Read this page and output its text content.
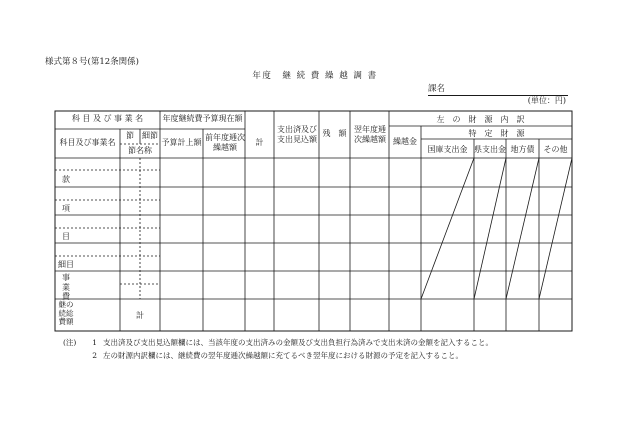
様式第８号(第12条関係)
年度　継 続 費 繰 越 調 書
課名
(単位：円)
科 目 及 び 事 業 名
科目及び事業名
節	細節
節名称
年度継続費予算現在額
予算計上額
前年度逓次繰越額
計
支出済及び支出見込額
残　額 翌年度逓次繰越額
左　の　財　源　内　訳
繰越金
特　定　財　源
国庫支出金 県支出金 地方債	その他
款
項
目
細目
事業費
継の続総費額
計
(注) 1 支出済及び支出見込額欄には、当該年度の支出済みの金額及び支出負担行為済みで支出未済の金額を記入すること。
2 左の財源内訳欄には、継続費の翌年度逓次繰越額に充てるべき翌年度における財源の予定を記入すること。
